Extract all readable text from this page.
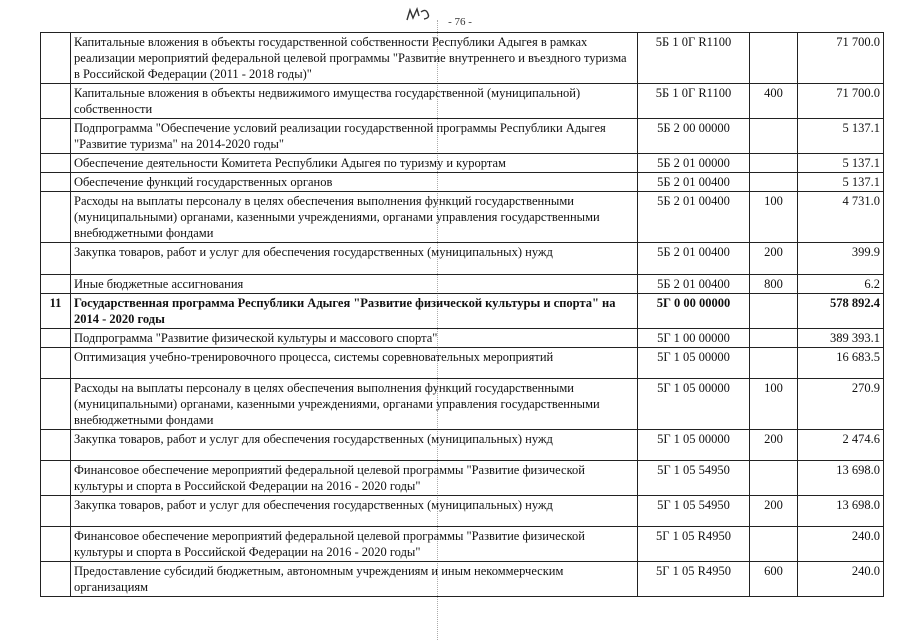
- 76 -
	Капитальные вложения в объекты государственной собственности Республики Адыгея в рамках реализации мероприятий федеральной целевой программы "Развитие внутреннего и въездного туризма в Российской Федерации (2011 - 2018 годы)"	5Б 1 0Г R1100		71 700.0
	Капитальные вложения в объекты недвижимого имущества государственной (муниципальной) собственности	5Б 1 0Г R1100	400	71 700.0
	Подпрограмма "Обеспечение условий реализации государственной программы Республики Адыгея "Развитие туризма" на 2014-2020 годы"	5Б 2 00 00000		5 137.1
	Обеспечение деятельности Комитета Республики Адыгея по туризму и курортам	5Б 2 01 00000		5 137.1
	Обеспечение функций государственных органов	5Б 2 01 00400		5 137.1
	Расходы на выплаты персоналу в целях обеспечения выполнения функций государственными (муниципальными) органами, казенными учреждениями, органами управления государственными внебюджетными фондами	5Б 2 01 00400	100	4 731.0
	Закупка товаров, работ и услуг для обеспечения государственных (муниципальных) нужд	5Б 2 01 00400	200	399.9
	Иные бюджетные ассигнования	5Б 2 01 00400	800	6.2
11	Государственная программа Республики Адыгея "Развитие физической культуры и спорта" на 2014 - 2020 годы	5Г 0 00 00000		578 892.4
	Подпрограмма "Развитие физической культуры и массового спорта"	5Г 1 00 00000		389 393.1
	Оптимизация учебно-тренировочного процесса, системы соревновательных мероприятий	5Г 1 05 00000		16 683.5
	Расходы на выплаты персоналу в целях обеспечения выполнения функций государственными (муниципальными) органами, казенными учреждениями, органами управления государственными внебюджетными фондами	5Г 1 05 00000	100	270.9
	Закупка товаров, работ и услуг для обеспечения государственных (муниципальных) нужд	5Г 1 05 00000	200	2 474.6
	Финансовое обеспечение мероприятий федеральной целевой программы "Развитие физической культуры и спорта в Российской Федерации на 2016 - 2020 годы"	5Г 1 05 54950		13 698.0
	Закупка товаров, работ и услуг для обеспечения государственных (муниципальных) нужд	5Г 1 05 54950	200	13 698.0
	Финансовое обеспечение мероприятий федеральной целевой программы "Развитие физической культуры и спорта в Российской Федерации на 2016 - 2020 годы"	5Г 1 05 R4950		240.0
	Предоставление субсидий бюджетным, автономным учреждениям и иным некоммерческим организациям	5Г 1 05 R4950	600	240.0
